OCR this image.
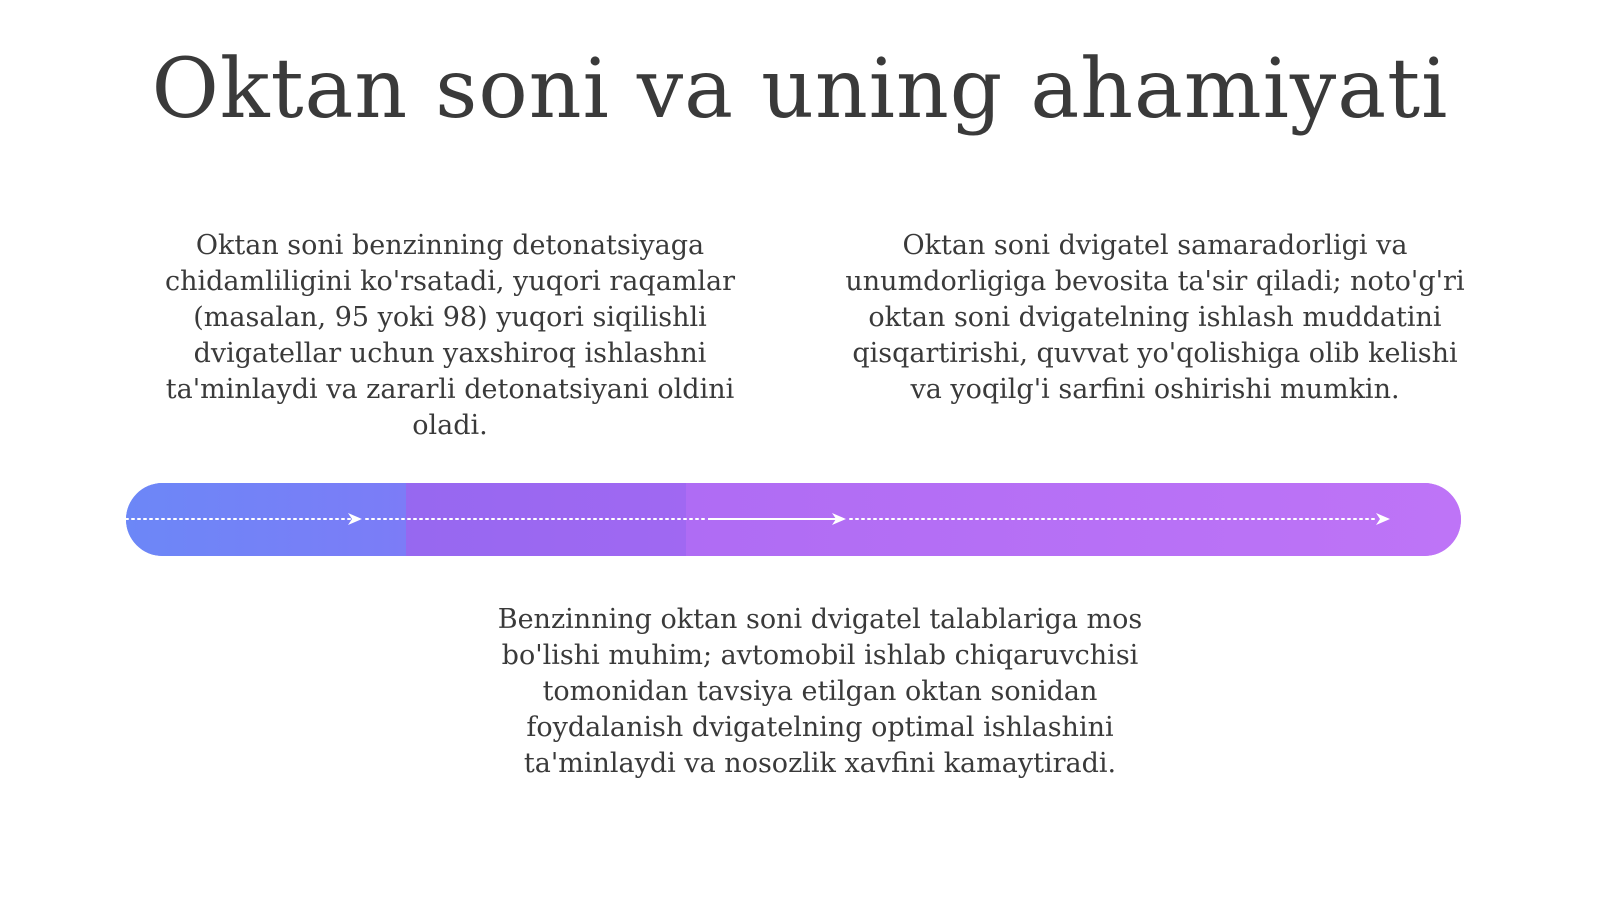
Oktan soni va uning ahamiyati
Oktan soni benzinning detonatsiyaga chidamliligini ko'rsatadi, yuqori raqamlar (masalan, 95 yoki 98) yuqori siqilishli dvigatellar uchun yaxshiroq ishlashni ta'minlaydi va zararli detonatsiyani oldini oladi.
Oktan soni dvigatel samaradorligi va unumdorligiga bevosita ta'sir qiladi; noto'g'ri oktan soni dvigatelning ishlash muddatini qisqartirishi, quvvat yo'qolishiga olib kelishi va yoqilg'i sarfini oshirishi mumkin.
Benzinning oktan soni dvigatel talablariga mos bo'lishi muhim; avtomobil ishlab chiqaruvchisi tomonidan tavsiya etilgan oktan sonidan foydalanish dvigatelning optimal ishlashini ta'minlaydi va nosozlik xavfini kamaytiradi.
